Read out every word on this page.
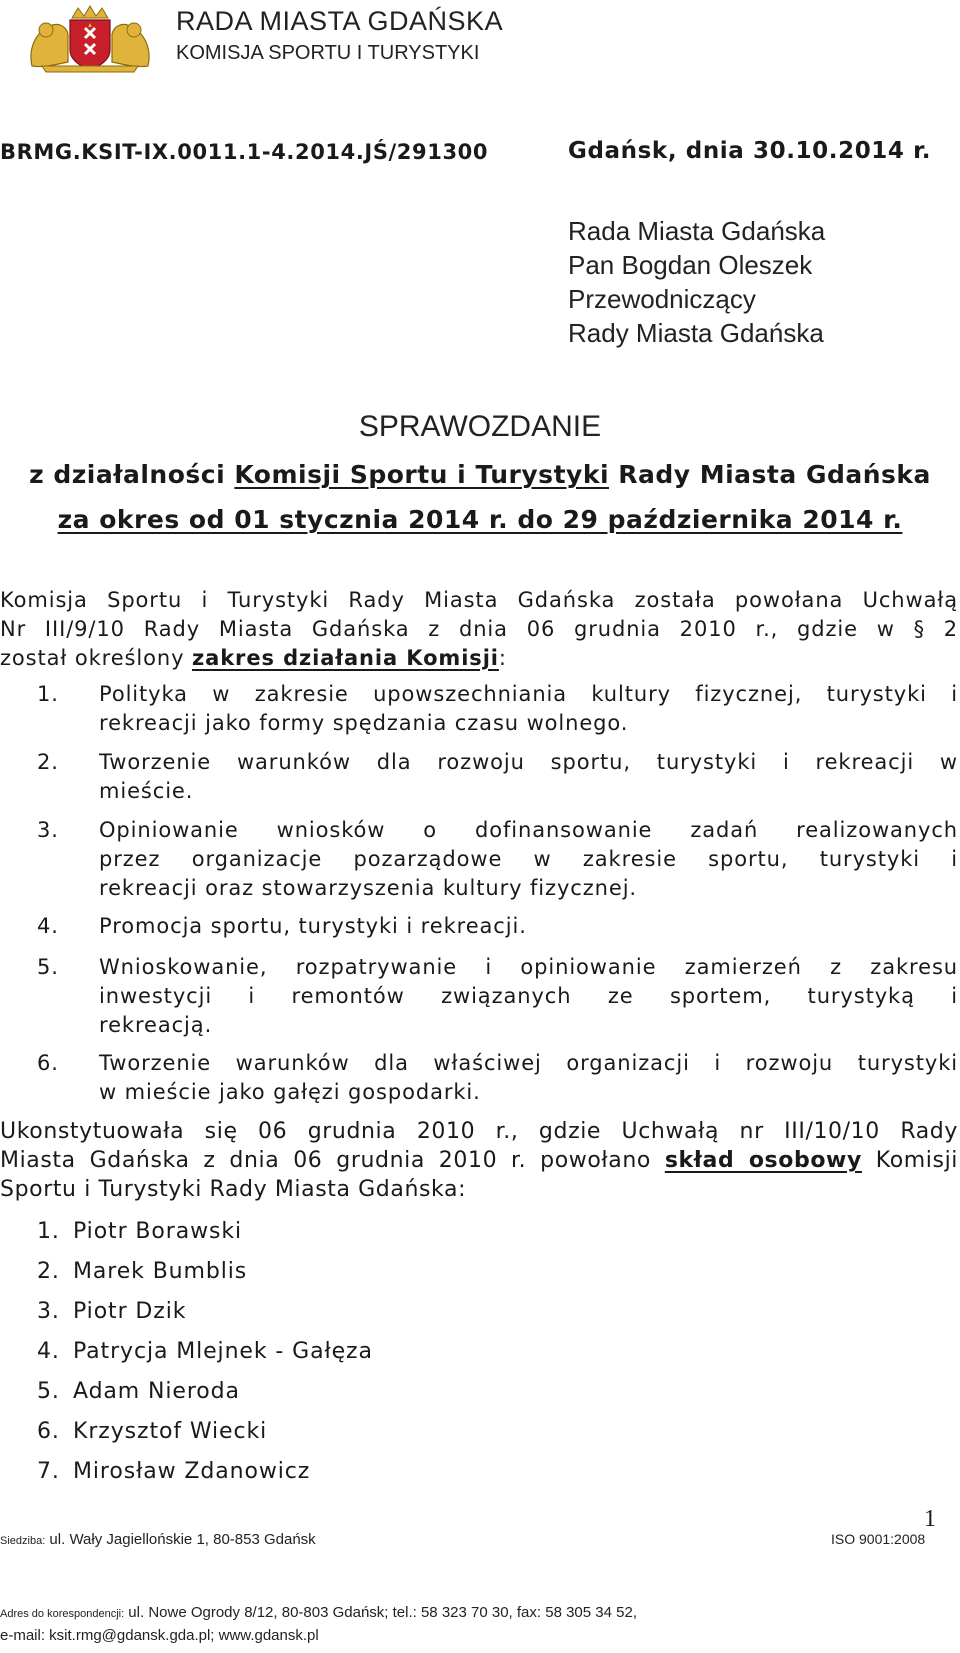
RADA MIASTA GDAŃSKA
KOMISJA SPORTU I TURYSTYKI
BRMG.KSIT-IX.0011.1-4.2014.JŚ/291300	Gdańsk, dnia 30.10.2014 r.
Rada Miasta Gdańska
Pan Bogdan Oleszek
Przewodniczący
Rady Miasta Gdańska
SPRAWOZDANIE
z działalności Komisji Sportu i Turystyki Rady Miasta Gdańska
za okres od 01 stycznia 2014 r. do 29 października 2014 r.
Komisja Sportu i Turystyki Rady Miasta Gdańska została powołana Uchwałą
Nr III/9/10 Rady Miasta Gdańska z dnia 06 grudnia 2010 r., gdzie w § 2
został określony zakres działania Komisji:
1. Polityka w zakresie upowszechniania kultury fizycznej, turystyki i
rekreacji jako formy spędzania czasu wolnego.
2. Tworzenie warunków dla rozwoju sportu, turystyki i rekreacji w
mieście.
3. Opiniowanie wniosków o dofinansowanie zadań realizowanych
przez organizacje pozarządowe w zakresie sportu, turystyki i
rekreacji oraz stowarzyszenia kultury fizycznej.
4. Promocja sportu, turystyki i rekreacji.
5. Wnioskowanie, rozpatrywanie i opiniowanie zamierzeń z zakresu
inwestycji i remontów związanych ze sportem, turystyką i
rekreacją.
6. Tworzenie warunków dla właściwej organizacji i rozwoju turystyki
w mieście jako gałęzi gospodarki.
Ukonstytuowała się 06 grudnia 2010 r., gdzie Uchwałą nr III/10/10 Rady
Miasta Gdańska z dnia 06 grudnia 2010 r. powołano skład osobowy Komisji
Sportu i Turystyki Rady Miasta Gdańska:
1. Piotr Borawski
2. Marek Bumblis
3. Piotr Dzik
4. Patrycja Mlejnek - Gałęza
5. Adam Nieroda
6. Krzysztof Wiecki
7. Mirosław Zdanowicz
1
Siedziba: ul. Wały Jagiellońskie 1, 80-853 Gdańsk	ISO 9001:2008
Adres do korespondencji: ul. Nowe Ogrody 8/12, 80-803 Gdańsk; tel.: 58 323 70 30, fax: 58 305 34 52,
e-mail: ksit.rmg@gdansk.gda.pl; www.gdansk.pl
